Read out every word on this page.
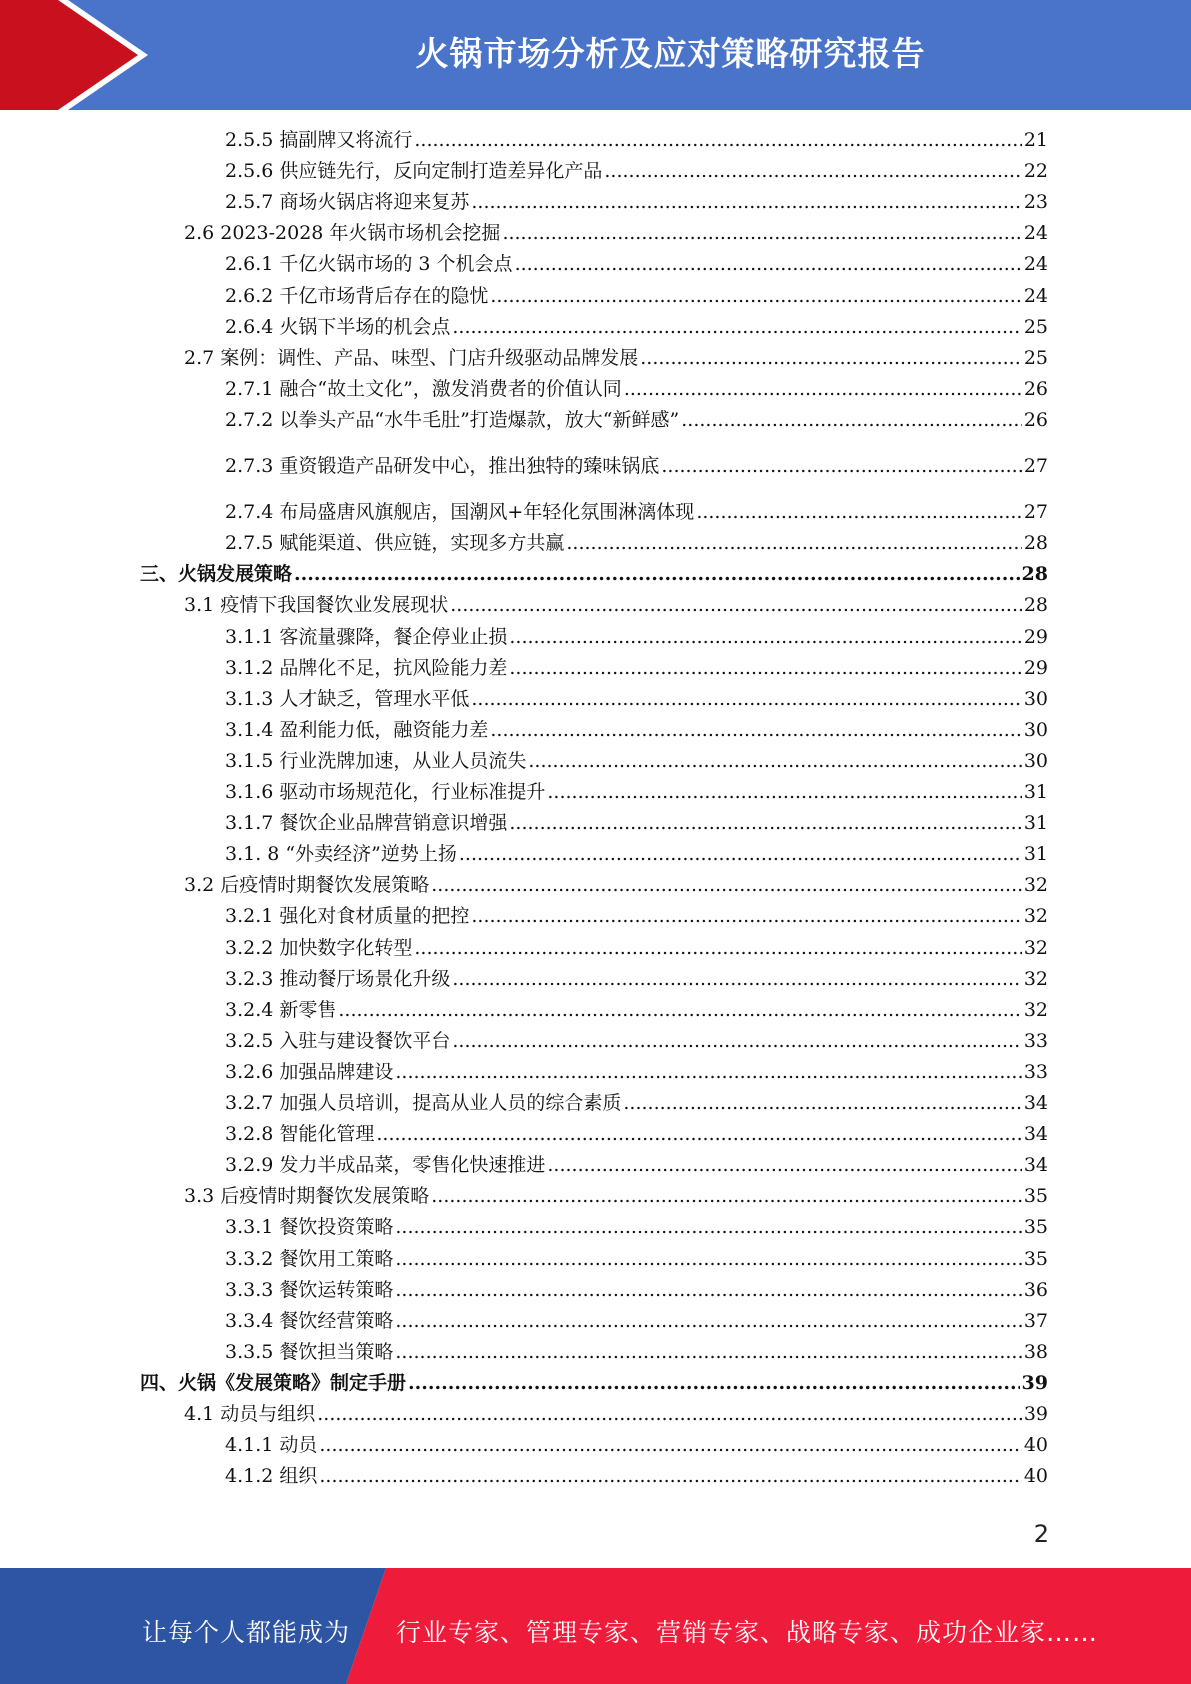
火锅市场分析及应对策略研究报告
2.5.5 搞副牌又将流行 .....	21
2.5.6 供应链先行，反向定制打造差异化产品 .....	22
2.5.7 商场火锅店将迎来复苏 .....	23
2.6 2023-2028 年火锅市场机会挖掘 .....	24
2.6.1 千亿火锅市场的 3 个机会点 .....	24
2.6.2 千亿市场背后存在的隐忧 .....	24
2.6.4 火锅下半场的机会点 .....	25
2.7 案例：调性、产品、味型、门店升级驱动品牌发展 .....	25
2.7.1 融合“故土文化”，激发消费者的价值认同 .....	26
2.7.2 以拳头产品“水牛毛肚”打造爆款，放大“新鲜感” .....	26
2.7.3 重资锻造产品研发中心，推出独特的臻味锅底 .....	27
2.7.4 布局盛唐风旗舰店，国潮风+年轻化氛围淋漓体现 .....	27
2.7.5 赋能渠道、供应链，实现多方共赢 .....	28
三、火锅发展策略 .....	28
3.1 疫情下我国餐饮业发展现状 .....	28
3.1.1 客流量骤降，餐企停业止损 .....	29
3.1.2 品牌化不足，抗风险能力差 .....	29
3.1.3 人才缺乏，管理水平低 .....	30
3.1.4 盈利能力低，融资能力差 .....	30
3.1.5 行业洗牌加速，从业人员流失 .....	30
3.1.6 驱动市场规范化，行业标准提升 .....	31
3.1.7 餐饮企业品牌营销意识增强 .....	31
3.1. 8 “外卖经济”逆势上扬 .....	31
3.2 后疫情时期餐饮发展策略 .....	32
3.2.1 强化对食材质量的把控 .....	32
3.2.2 加快数字化转型 .....	32
3.2.3 推动餐厅场景化升级 .....	32
3.2.4 新零售 .....	32
3.2.5 入驻与建设餐饮平台 .....	33
3.2.6 加强品牌建设 .....	33
3.2.7 加强人员培训，提高从业人员的综合素质 .....	34
3.2.8 智能化管理 .....	34
3.2.9 发力半成品菜，零售化快速推进 .....	34
3.3 后疫情时期餐饮发展策略 .....	35
3.3.1 餐饮投资策略 .....	35
3.3.2 餐饮用工策略 .....	35
3.3.3 餐饮运转策略 .....	36
3.3.4 餐饮经营策略 .....	37
3.3.5 餐饮担当策略 .....	38
四、火锅《发展策略》制定手册 .....	39
4.1 动员与组织 .....	39
4.1.1 动员 .....	40
4.1.2 组织 .....	40
2
让每个人都能成为 行业专家、管理专家、营销专家、战略专家、成功企业家……
